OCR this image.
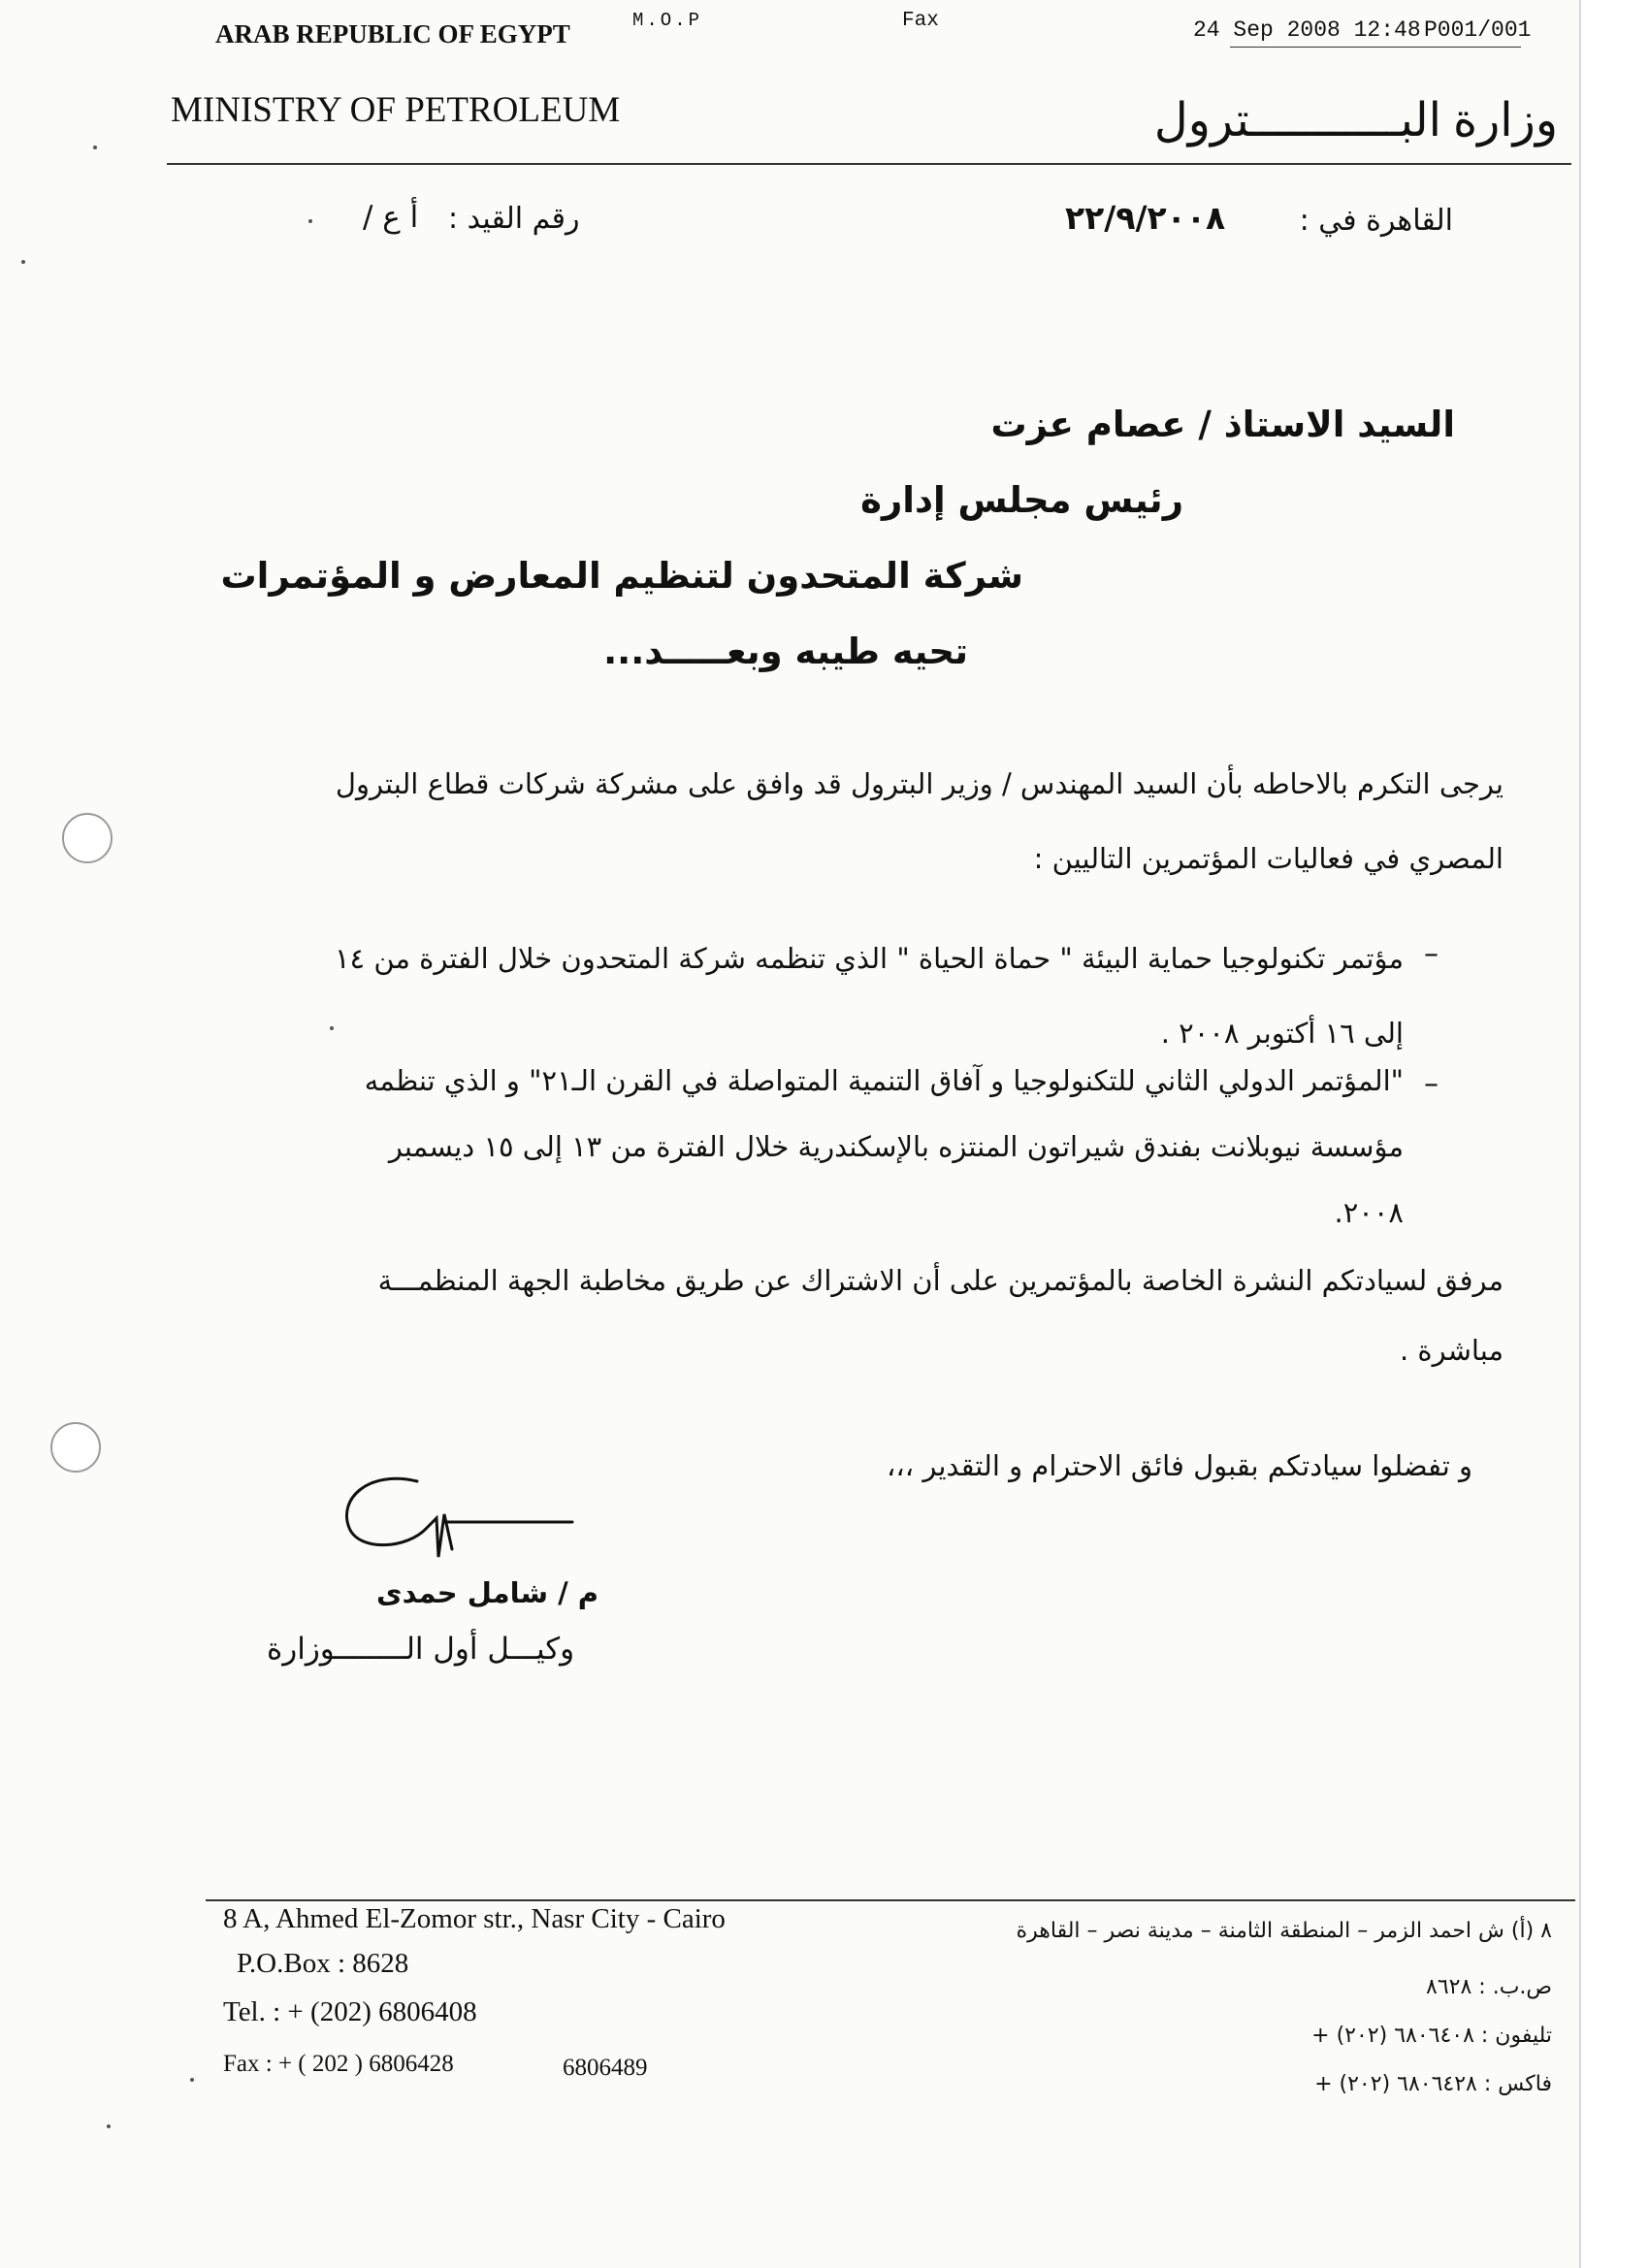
M.O.P	Fax	24 Sep 2008 12:48 P001/001
ARAB REPUBLIC OF EGYPT
MINISTRY OF PETROLEUM	وزارة البـــــــــــترول
القاهرة في :
٢٢/٩/٢٠٠٨
رقم القيد :
أ ع /
السيد الاستاذ / عصام عزت
رئيس مجلس إدارة
شركة المتحدون لتنظيم المعارض و المؤتمرات
تحيه طيبه وبعـــــد...
يرجى التكرم بالاحاطه بأن السيد المهندس / وزير البترول قد وافق على مشركة شركات قطاع البترول
المصري في فعاليات المؤتمرين التاليين :
–
مؤتمر تكنولوجيا حماية البيئة " حماة الحياة " الذي تنظمه شركة المتحدون خلال الفترة من ١٤
إلى ١٦ أكتوبر ٢٠٠٨ .
–
"المؤتمر الدولي الثاني للتكنولوجيا و آفاق التنمية المتواصلة في القرن الـ٢١" و الذي تنظمه
مؤسسة نيوبلانت بفندق شيراتون المنتزه بالإسكندرية خلال الفترة من ١٣ إلى ١٥ ديسمبر
٢٠٠٨.
مرفق لسيادتكم النشرة الخاصة بالمؤتمرين على أن الاشتراك عن طريق مخاطبة الجهة المنظمـــة
مباشرة .
و تفضلوا سيادتكم بقبول فائق الاحترام و التقدير ،،،
م / شامل حمدى
وكيـــل أول الــــــــوزارة
8 A, Ahmed El-Zomor str., Nasr City - Cairo
P.O.Box : 8628
Tel. : + (202) 6806408
Fax : + ( 202 ) 6806428	6806489
٨ (أ) ش احمد الزمر – المنطقة الثامنة – مدينة نصر – القاهرة
ص.ب. : ٨٦٢٨
تليفون : ٦٨٠٦٤٠٨ (٢٠٢) +
فاكس : ٦٨٠٦٤٢٨ (٢٠٢) +
